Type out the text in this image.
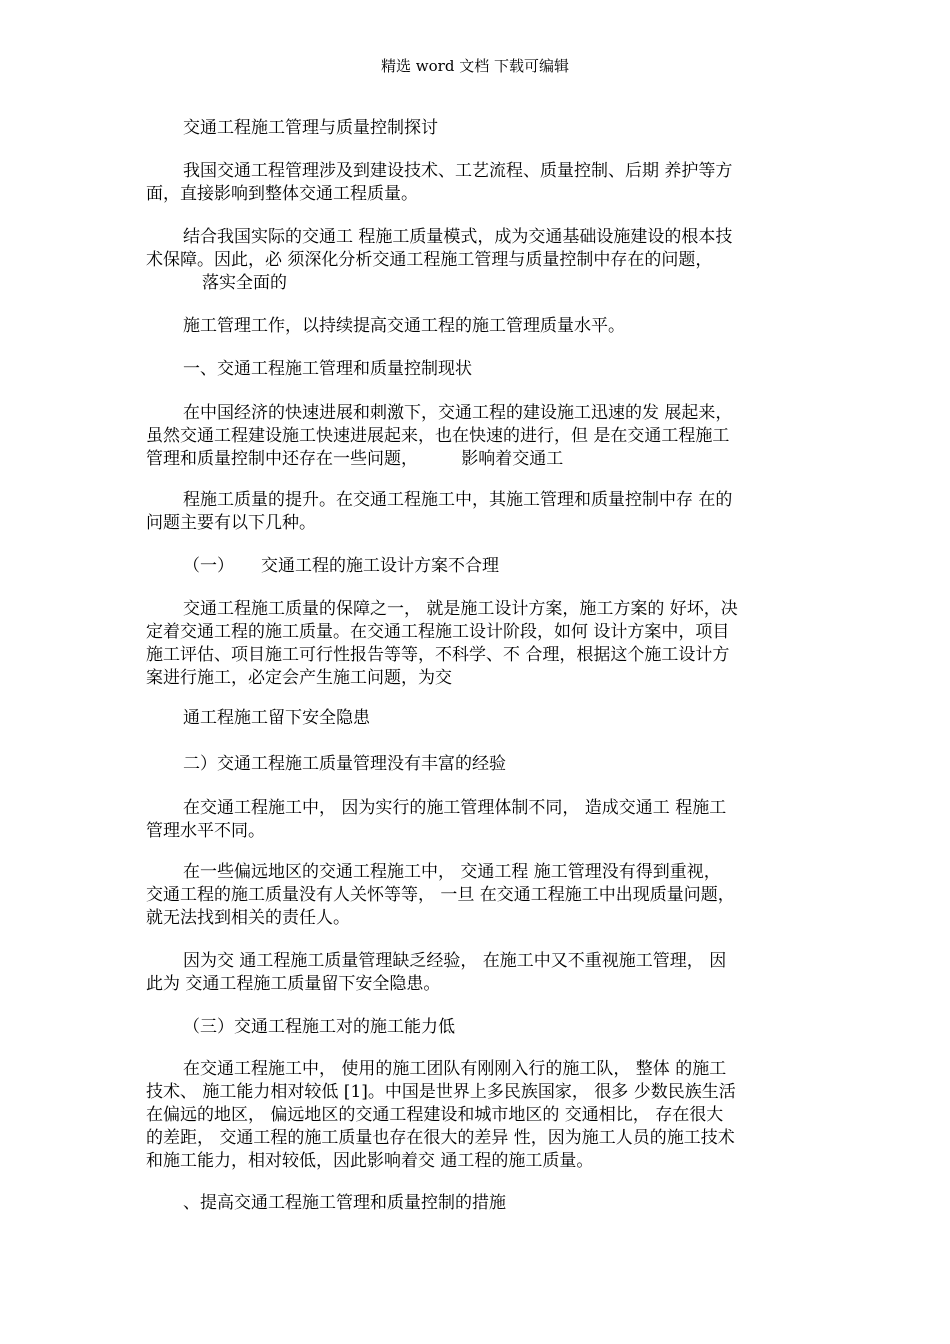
精选 word 文档 下载可编辑
交通工程施工管理与质量控制探讨
我国交通工程管理涉及到建设技术、工艺流程、质量控制、后期 养护等方
面，直接影响到整体交通工程质量。
结合我国实际的交通工 程施工质量模式，成为交通基础设施建设的根本技
术保障。因此，必 须深化分析交通工程施工管理与质量控制中存在的问题，
落实全面的
施工管理工作，以持续提高交通工程的施工管理质量水平。
一、交通工程施工管理和质量控制现状
在中国经济的快速进展和刺激下，交通工程的建设施工迅速的发 展起来，
虽然交通工程建设施工快速进展起来，也在快速的进行，但 是在交通工程施工
管理和质量控制中还存在一些问题，        影响着交通工
程施工质量的提升。在交通工程施工中，其施工管理和质量控制中存 在的
问题主要有以下几种。
（一）     交通工程的施工设计方案不合理
交通工程施工质量的保障之一， 就是施工设计方案，施工方案的 好坏，决
定着交通工程的施工质量。在交通工程施工设计阶段，如何 设计方案中，项目
施工评估、项目施工可行性报告等等，不科学、不 合理，根据这个施工设计方
案进行施工，必定会产生施工问题，为交
通工程施工留下安全隐患
二）交通工程施工质量管理没有丰富的经验
在交通工程施工中， 因为实行的施工管理体制不同， 造成交通工 程施工
管理水平不同。
在一些偏远地区的交通工程施工中， 交通工程 施工管理没有得到重视，
交通工程的施工质量没有人关怀等等， 一旦 在交通工程施工中出现质量问题，
就无法找到相关的责任人。
因为交 通工程施工质量管理缺乏经验， 在施工中又不重视施工管理， 因
此为 交通工程施工质量留下安全隐患。
（三）交通工程施工对的施工能力低
在交通工程施工中， 使用的施工团队有刚刚入行的施工队， 整体 的施工
技术、 施工能力相对较低 [1]。中国是世界上多民族国家， 很多 少数民族生活
在偏远的地区， 偏远地区的交通工程建设和城市地区的 交通相比， 存在很大
的差距， 交通工程的施工质量也存在很大的差异 性，因为施工人员的施工技术
和施工能力，相对较低，因此影响着交 通工程的施工质量。
、提高交通工程施工管理和质量控制的措施
